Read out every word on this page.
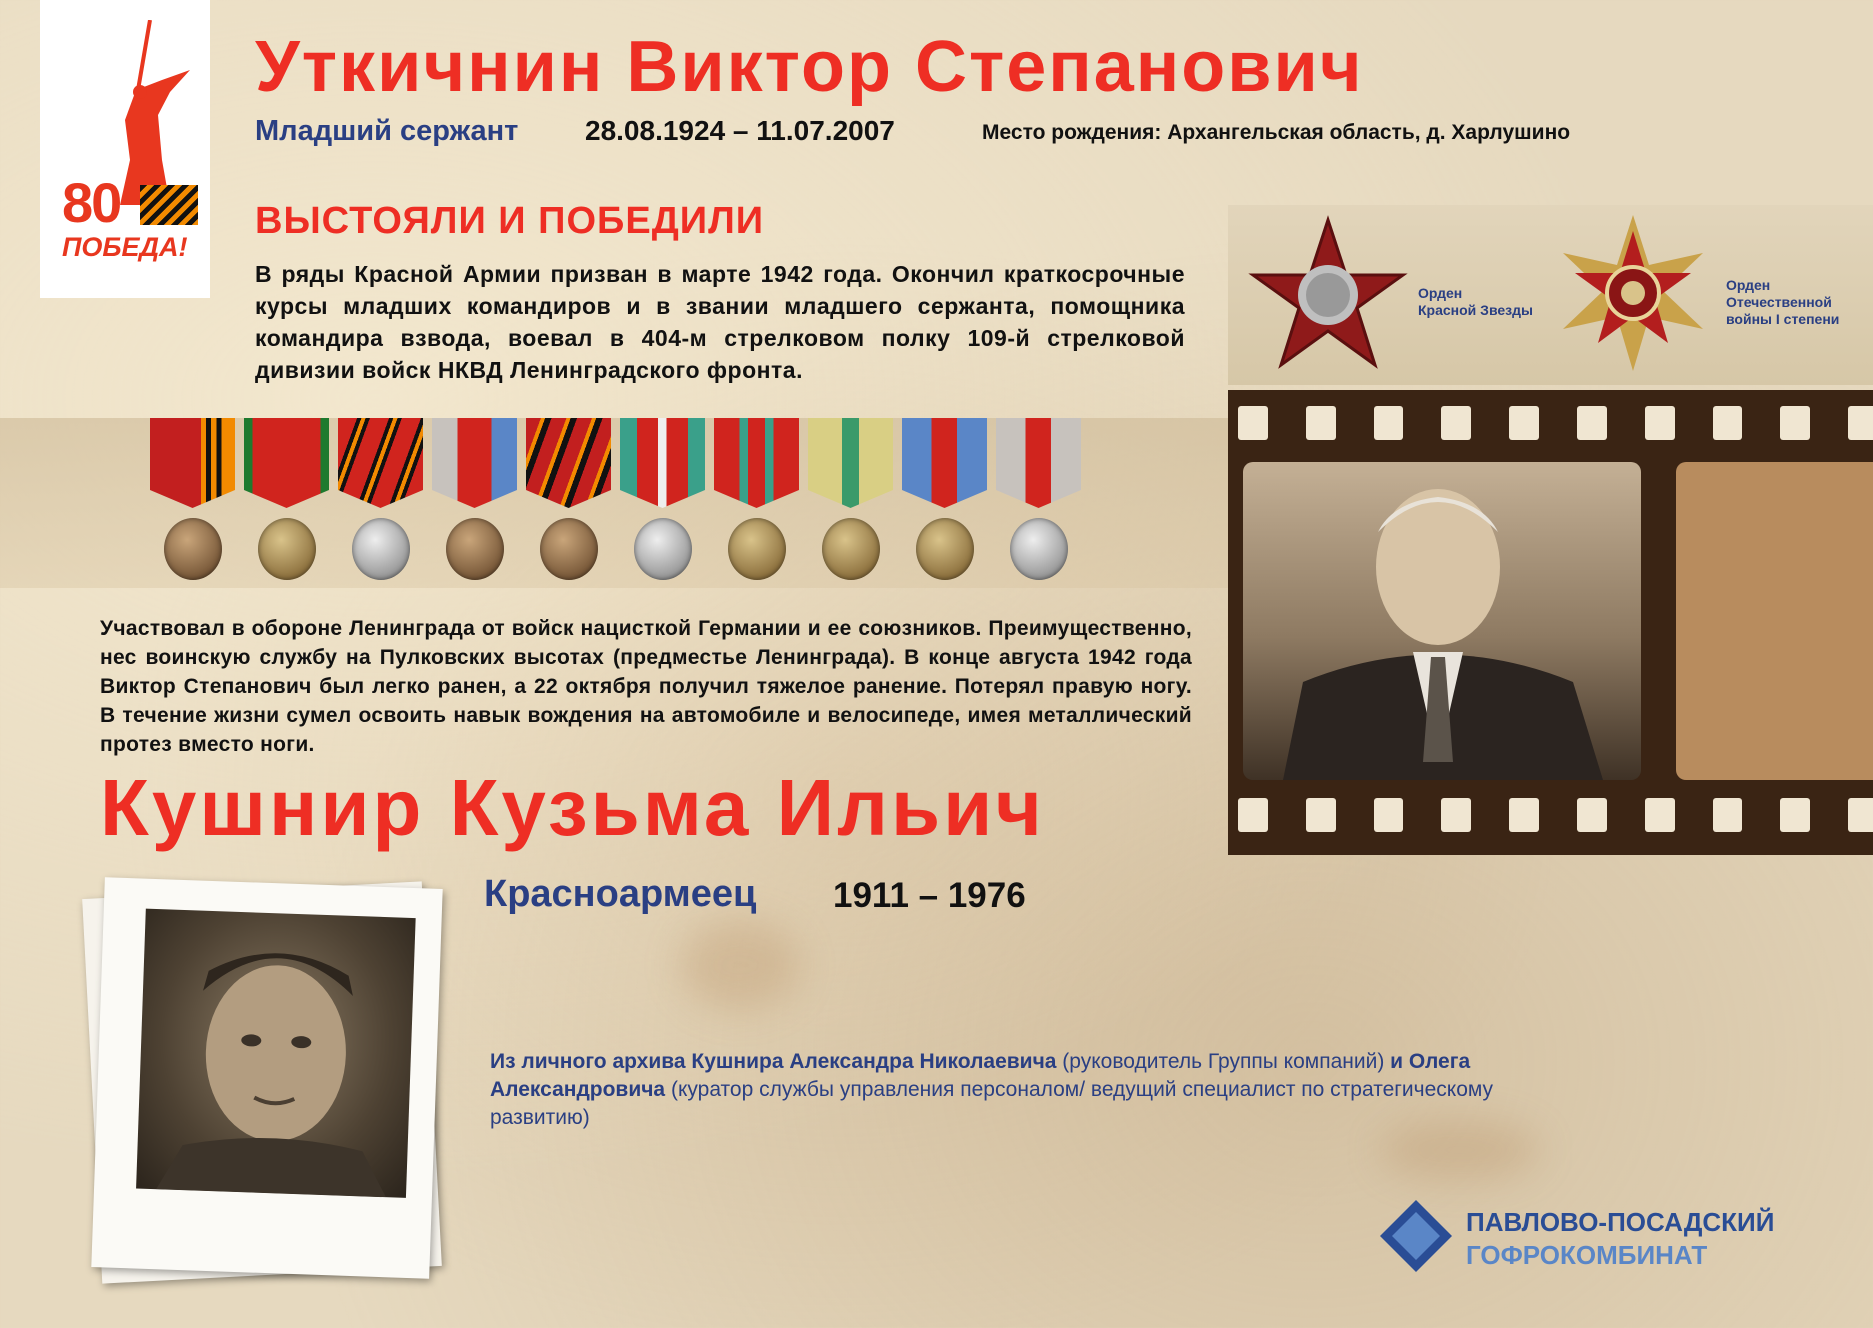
80
ПОБЕДА!
Уткичнин Виктор Степанович
Младший сержант 28.08.1924 – 11.07.2007	Место рождения: Архангельская область, д. Харлушино
ВЫСТОЯЛИ И ПОБЕДИЛИ
В ряды Красной Армии призван в марте 1942 года. Окончил краткосрочные курсы младших командиров и в звании младшего сержанта, помощника командира взвода, воевал в 404-м стрелковом полку 109-й стрелковой дивизии войск НКВД Ленинградского фронта.
Участвовал в обороне Ленинграда от войск нацисткой Германии и ее союзников. Преимущественно, нес воинскую службу на Пулковских высотах (предместье Ленинграда). В конце августа 1942 года Виктор Степанович был легко ранен, а 22 октября получил тяжелое ранение. Потерял правую ногу. В течение жизни сумел освоить навык вождения на автомобиле и велосипеде, имея металлический протез вместо ноги.
Кушнир Кузьма Ильич
Красноармеец 1911 – 1976
Из личного архива Кушнира Александра Николаевича (руководитель Группы компаний) и Олега Александровича (куратор службы управления персоналом/ ведущий специалист по стратегическому развитию)
Орден
Красной Звезды
Орден
Отечественной
войны I степени
ПАВЛОВО-ПОСАДСКИЙ
ГОФРОКОМБИНАТ
